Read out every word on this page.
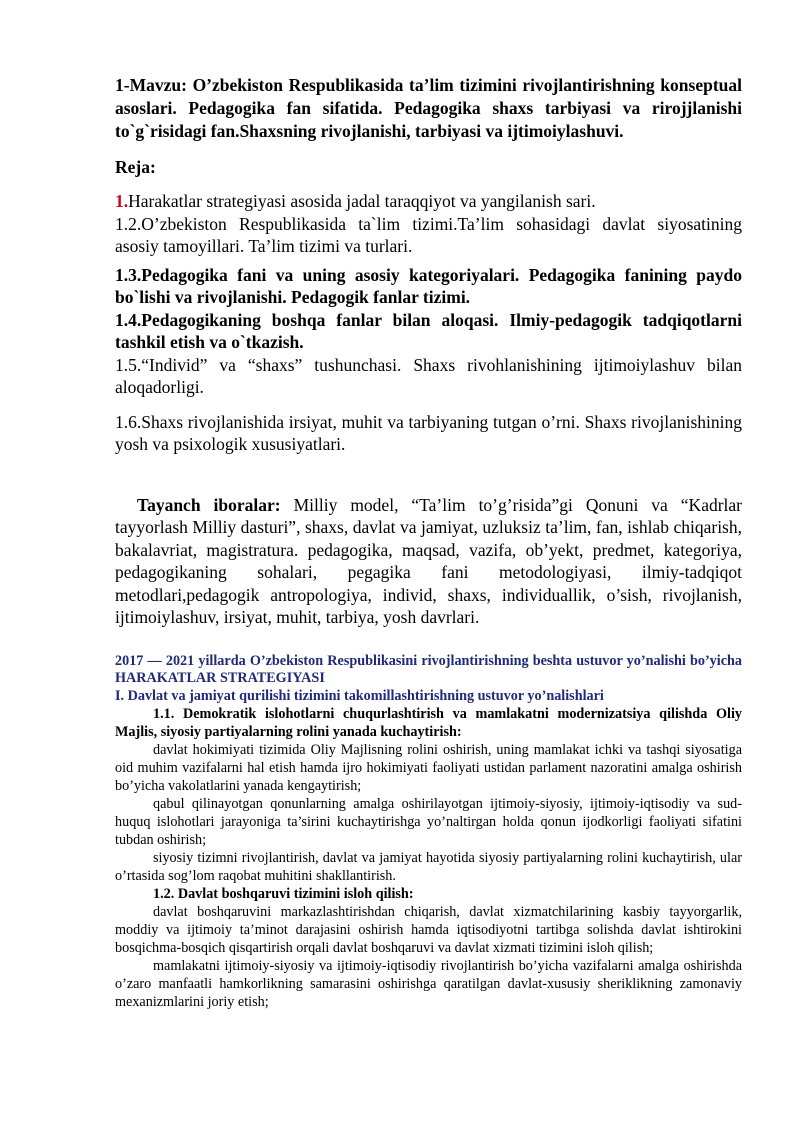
1-Mavzu: O’zbekiston Respublikasida ta’lim tizimini rivojlantirishning konseptual asoslari. Pedagogika fan sifatida. Pedagogika shaxs tarbiyasi va rirojjlanishi to`g`risidagi fan.Shaxsning rivojlanishi, tarbiyasi va ijtimoiylashuvi.

Reja:

1.Harakatlar strategiyasi asosida jadal taraqqiyot va yangilanish sari.

1.2.O’zbekiston Respublikasida ta`lim tizimi.Ta’lim sohasidagi davlat siyosatining asosiy tamoyillari. Ta’lim tizimi va turlari.

1.3.Pedagogika fani va uning asosiy kategoriyalari. Pedagogika fanining paydo bo`lishi va rivojlanishi. Pedagogik fanlar tizimi.

1.4.Pedagogikaning boshqa fanlar bilan aloqasi. Ilmiy-pedagogik tadqiqotlarni tashkil etish va o`tkazish.

1.5.“Individ” va “shaxs” tushunchasi. Shaxs rivohlanishining ijtimoiylashuv bilan aloqadorligi.

1.6.Shaxs rivojlanishida irsiyat, muhit va tarbiyaning tutgan o’rni. Shaxs rivojlanishining yosh va psixologik xususiyatlari.

Tayanch iboralar: Milliy model, “Ta’lim to’g’risida”gi Qonuni va “Kadrlar tayyorlash Milliy dasturi”, shaxs, davlat va jamiyat, uzluksiz ta’lim, fan, ishlab chiqarish, bakalavriat, magistratura. pedagogika, maqsad, vazifa, ob’yekt, predmet, kategoriya, pedagogikaning sohalari, pegagika fani metodologiyasi, ilmiy-tadqiqot metodlari,pedagogik antropologiya, individ, shaxs, individuallik, o’sish, rivojlanish, ijtimoiylashuv, irsiyat, muhit, tarbiya, yosh davrlari.

2017 — 2021 yillarda O’zbekiston Respublikasini rivojlantirishning beshta ustuvor yo’nalishi bo’yicha HARAKATLAR STRATEGIYASI

I. Davlat va jamiyat qurilishi tizimini takomillashtirishning ustuvor yo’nalishlari

1.1. Demokratik islohotlarni chuqurlashtirish va mamlakatni modernizatsiya qilishda Oliy Majlis, siyosiy partiyalarning rolini yanada kuchaytirish:

davlat hokimiyati tizimida Oliy Majlisning rolini oshirish, uning mamlakat ichki va tashqi siyosatiga oid muhim vazifalarni hal etish hamda ijro hokimiyati faoliyati ustidan parlament nazoratini amalga oshirish bo’yicha vakolatlarini yanada kengaytirish;

qabul qilinayotgan qonunlarning amalga oshirilayotgan ijtimoiy-siyosiy, ijtimoiy-iqtisodiy va sud-huquq islohotlari jarayoniga ta’sirini kuchaytirishga yo’naltirgan holda qonun ijodkorligi faoliyati sifatini tubdan oshirish;

siyosiy tizimni rivojlantirish, davlat va jamiyat hayotida siyosiy partiyalarning rolini kuchaytirish, ular o’rtasida sog’lom raqobat muhitini shakllantirish.

1.2. Davlat boshqaruvi tizimini isloh qilish:

davlat boshqaruvini markazlashtirishdan chiqarish, davlat xizmatchilarining kasbiy tayyorgarlik, moddiy va ijtimoiy ta’minot darajasini oshirish hamda iqtisodiyotni tartibga solishda davlat ishtirokini bosqichma-bosqich qisqartirish orqali davlat boshqaruvi va davlat xizmati tizimini isloh qilish;

mamlakatni ijtimoiy-siyosiy va ijtimoiy-iqtisodiy rivojlantirish bo’yicha vazifalarni amalga oshirishda o’zaro manfaatli hamkorlikning samarasini oshirishga qaratilgan davlat-xususiy sheriklikning zamonaviy mexanizmlarini joriy etish;
